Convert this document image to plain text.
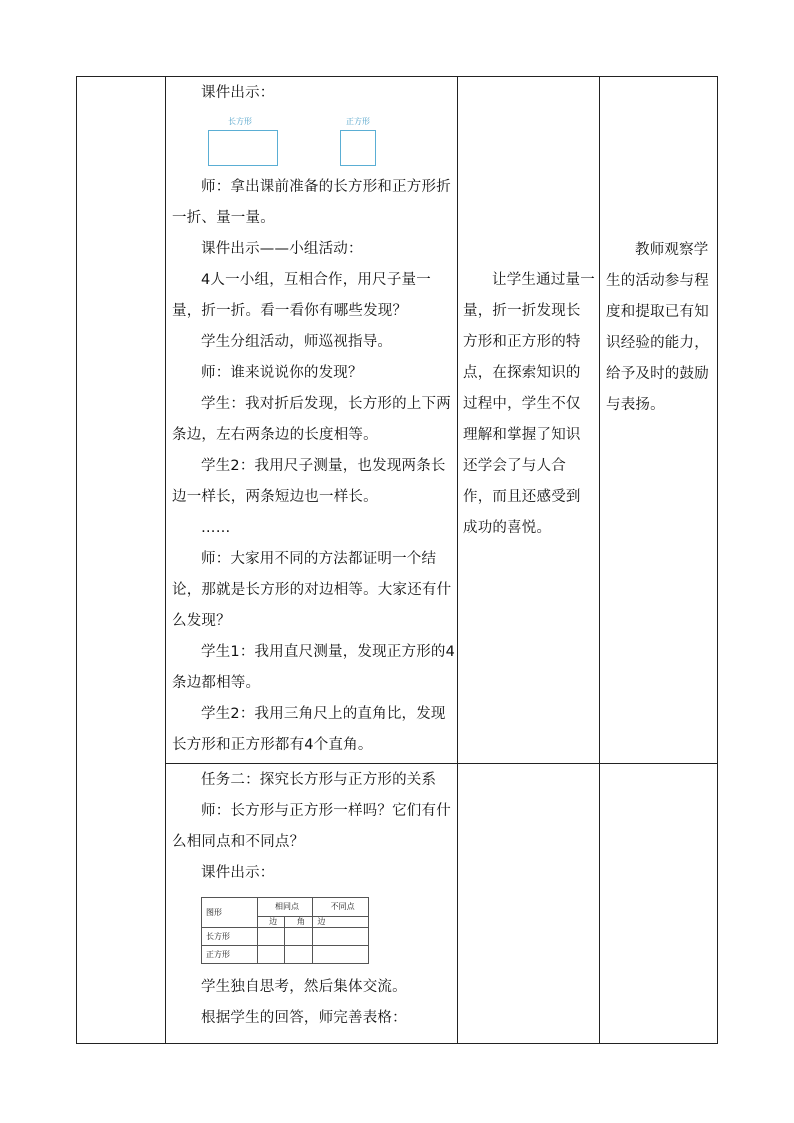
课件出示：

长方形	正方形

师：拿出课前准备的长方形和正方形折一折、量一量。

课件出示——小组活动：

4人一小组，互相合作，用尺子量一量，折一折。看一看你有哪些发现？

学生分组活动，师巡视指导。

师：谁来说说你的发现？

学生：我对折后发现，长方形的上下两条边，左右两条边的长度相等。

学生2：我用尺子测量，也发现两条长边一样长，两条短边也一样长。

……

师：大家用不同的方法都证明一个结论，那就是长方形的对边相等。大家还有什么发现？

学生1：我用直尺测量，发现正方形的4条边都相等。

学生2：我用三角尺上的直角比，发现长方形和正方形都有4个直角。

让学生通过量一量，折一折发现长方形和正方形的特点，在探索知识的过程中，学生不仅理解和掌握了知识还学会了与人合作，而且还感受到成功的喜悦。

教师观察学生的活动参与程度和提取已有知识经验的能力，给予及时的鼓励与表扬。

任务二：探究长方形与正方形的关系

师：长方形与正方形一样吗？它们有什么相同点和不同点？

课件出示：

图形	相同点		不同点
	边	角	边
长方形			
正方形			

学生独自思考，然后集体交流。

根据学生的回答，师完善表格：
